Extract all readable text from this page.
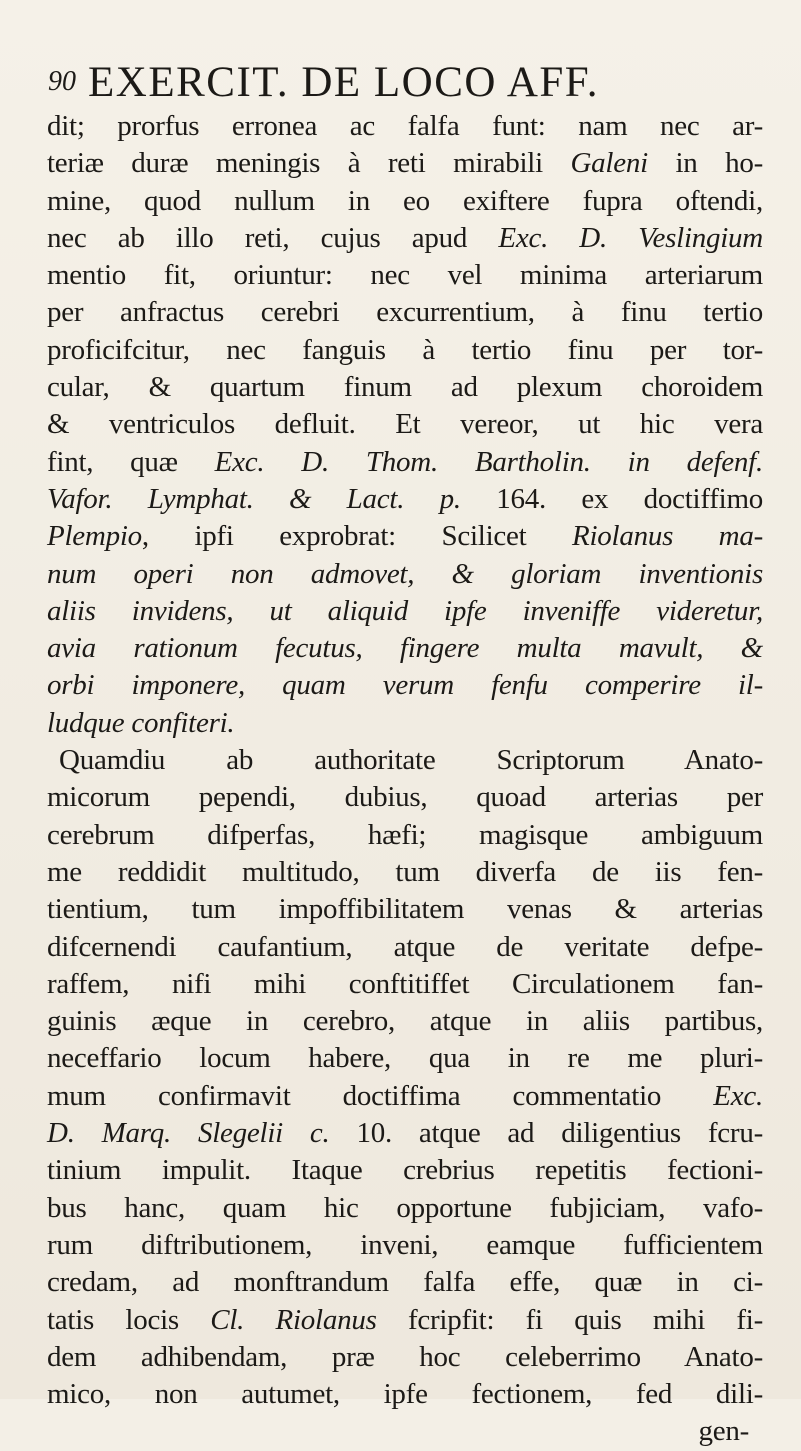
90 EXERCIT. DE LOCO AFF.
dit; prorfus erronea ac falfa funt: nam nec ar-
teriæ duræ meningis à reti mirabili Galeni in ho-
mine, quod nullum in eo exiftere fupra oftendi,
nec ab illo reti, cujus apud Exc. D. Veslingium
mentio fit, oriuntur: nec vel minima arteriarum
per anfractus cerebri excurrentium, à finu tertio
proficifcitur, nec fanguis à tertio finu per tor-
cular, & quartum finum ad plexum choroidem
& ventriculos defluit. Et vereor, ut hic vera
fint, quæ Exc. D. Thom. Bartholin. in defenf.
Vafor. Lymphat. & Lact. p. 164. ex doctiffimo
Plempio, ipfi exprobrat: Scilicet Riolanus ma-
num operi non admovet, & gloriam inventionis
aliis invidens, ut aliquid ipfe inveniffe videretur,
avia rationum fecutus, fingere multa mavult, &
orbi imponere, quam verum fenfu comperire il-
ludque confiteri.
Quamdiu ab authoritate Scriptorum Anato-
micorum pependi, dubius, quoad arterias per
cerebrum difperfas, hæfi; magisque ambiguum
me reddidit multitudo, tum diverfa de iis fen-
tientium, tum impoffibilitatem venas & arterias
difcernendi caufantium, atque de veritate defpe-
raffem, nifi mihi conftitiffet Circulationem fan-
guinis æque in cerebro, atque in aliis partibus,
neceffario locum habere, qua in re me pluri-
mum confirmavit doctiffima commentatio Exc.
D. Marq. Slegelii c. 10. atque ad diligentius fcru-
tinium impulit. Itaque crebrius repetitis fectioni-
bus hanc, quam hic opportune fubjiciam, vafo-
rum diftributionem, inveni, eamque fufficientem
credam, ad monftrandum falfa effe, quæ in ci-
tatis locis Cl. Riolanus fcripfit: fi quis mihi fi-
dem adhibendam, præ hoc celeberrimo Anato-
mico, non autumet, ipfe fectionem, fed dili-
gen-
